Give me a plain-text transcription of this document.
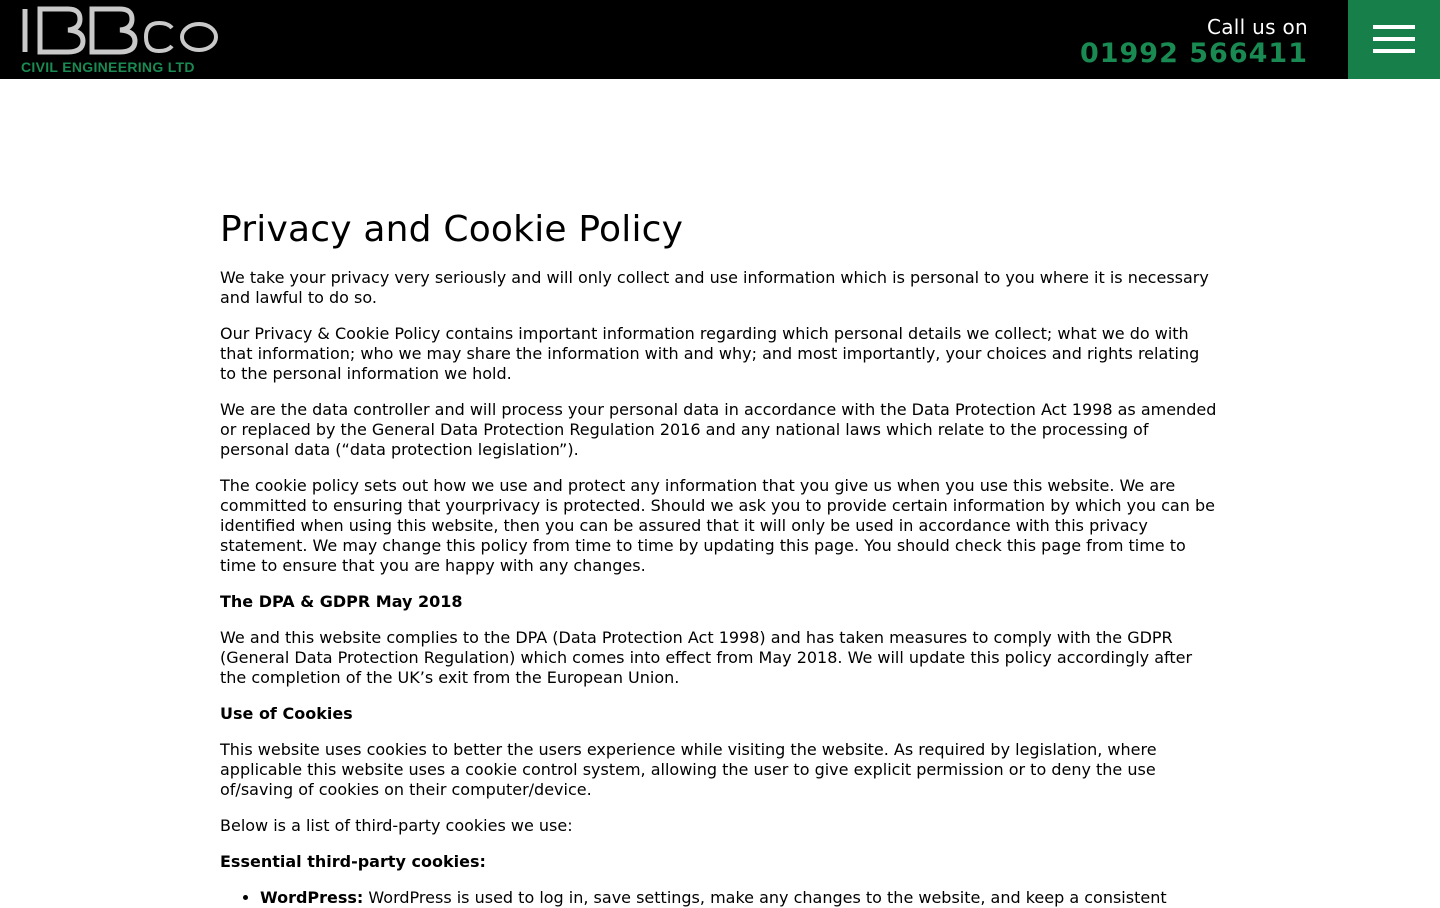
CIVIL ENGINEERING LTD
Call us on
01992 566411
Privacy and Cookie Policy

We take your privacy very seriously and will only collect and use information which is personal to you where it is necessary and lawful to do so.

Our Privacy & Cookie Policy contains important information regarding which personal details we collect; what we do with that information; who we may share the information with and why; and most importantly, your choices and rights relating to the personal information we hold.

We are the data controller and will process your personal data in accordance with the Data Protection Act 1998 as amended or replaced by the General Data Protection Regulation 2016 and any national laws which relate to the processing of personal data (“data protection legislation”).

The cookie policy sets out how we use and protect any information that you give us when you use this website. We are committed to ensuring that yourprivacy is protected. Should we ask you to provide certain information by which you can be identified when using this website, then you can be assured that it will only be used in accordance with this privacy statement. We may change this policy from time to time by updating this page. You should check this page from time to time to ensure that you are happy with any changes.

The DPA & GDPR May 2018

We and this website complies to the DPA (Data Protection Act 1998) and has taken measures to comply with the GDPR (General Data Protection Regulation) which comes into effect from May 2018. We will update this policy accordingly after the completion of the UK’s exit from the European Union.

Use of Cookies

This website uses cookies to better the users experience while visiting the website. As required by legislation, where applicable this website uses a cookie control system, allowing the user to give explicit permission or to deny the use of/saving of cookies on their computer/device.

Below is a list of third-party cookies we use:

Essential third-party cookies:

• WordPress: WordPress is used to log in, save settings, make any changes to the website, and keep a consistent
